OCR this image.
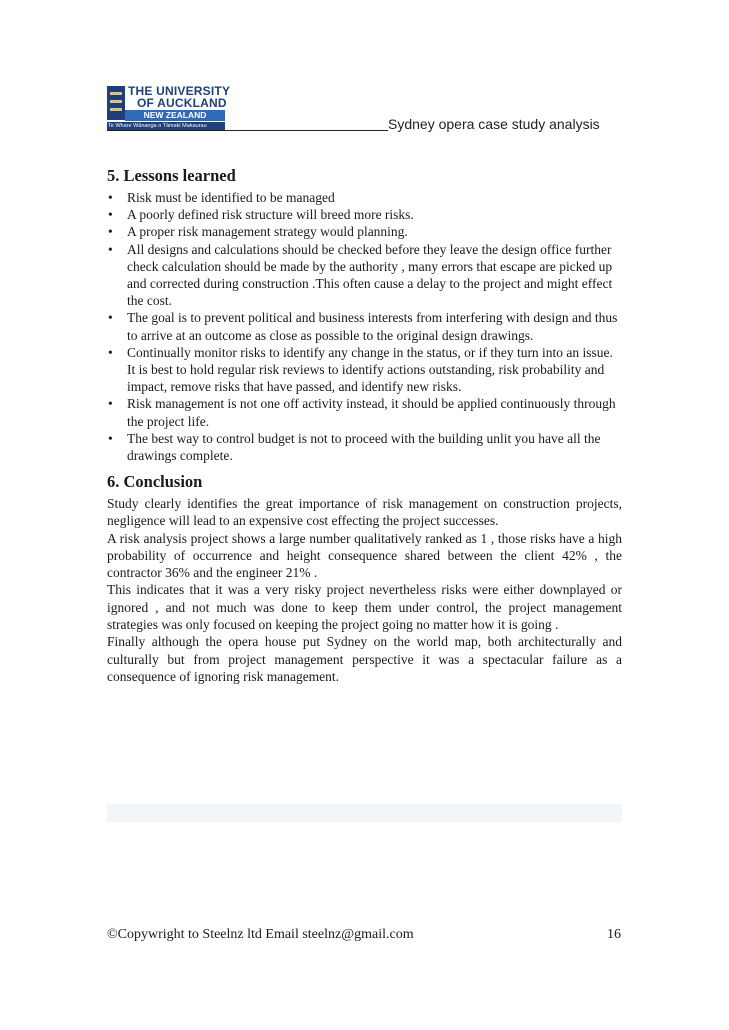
THE UNIVERSITY
OF AUCKLAND
NEW ZEALAND
Te Whare Wānanga o Tāmaki Makaurau	Sydney opera case study analysis
5. Lessons learned
• Risk must be identified to be managed
• A poorly defined risk structure will breed more risks.
• A proper risk management strategy would planning.
• All designs and calculations should be checked before they leave the design office further check calculation should be made by the authority , many errors that escape are picked up and corrected during construction .This often cause a delay to the project and might effect the cost.
• The goal is to prevent political and business interests from interfering with design and thus to arrive at an outcome as close as possible to the original design drawings.
• Continually monitor risks to identify any change in the status, or if they turn into an issue. It is best to hold regular risk reviews to identify actions outstanding, risk probability and impact, remove risks that have passed, and identify new risks.
• Risk management is not one off activity instead, it should be applied continuously through the project life.
• The best way to control budget is not to proceed with the building unlit you have all the drawings complete.
6. Conclusion

Study clearly identifies the great importance of risk management on construction projects, negligence will lead to an expensive cost effecting the project successes.

A risk analysis project shows a large number qualitatively ranked as 1 , those risks have a high probability of occurrence and height consequence shared between the client 42% , the contractor 36% and the engineer 21% .

This indicates that it was a very risky project nevertheless risks were either downplayed or ignored , and not much was done to keep them under control, the project management strategies was only focused on keeping the project going no matter how it is going .

Finally although the opera house put Sydney on the world map, both architecturally and culturally but from project management perspective it was a spectacular failure as a consequence of ignoring risk management.

©Copywright to Steelnz ltd Email steelnz@gmail.com	16
